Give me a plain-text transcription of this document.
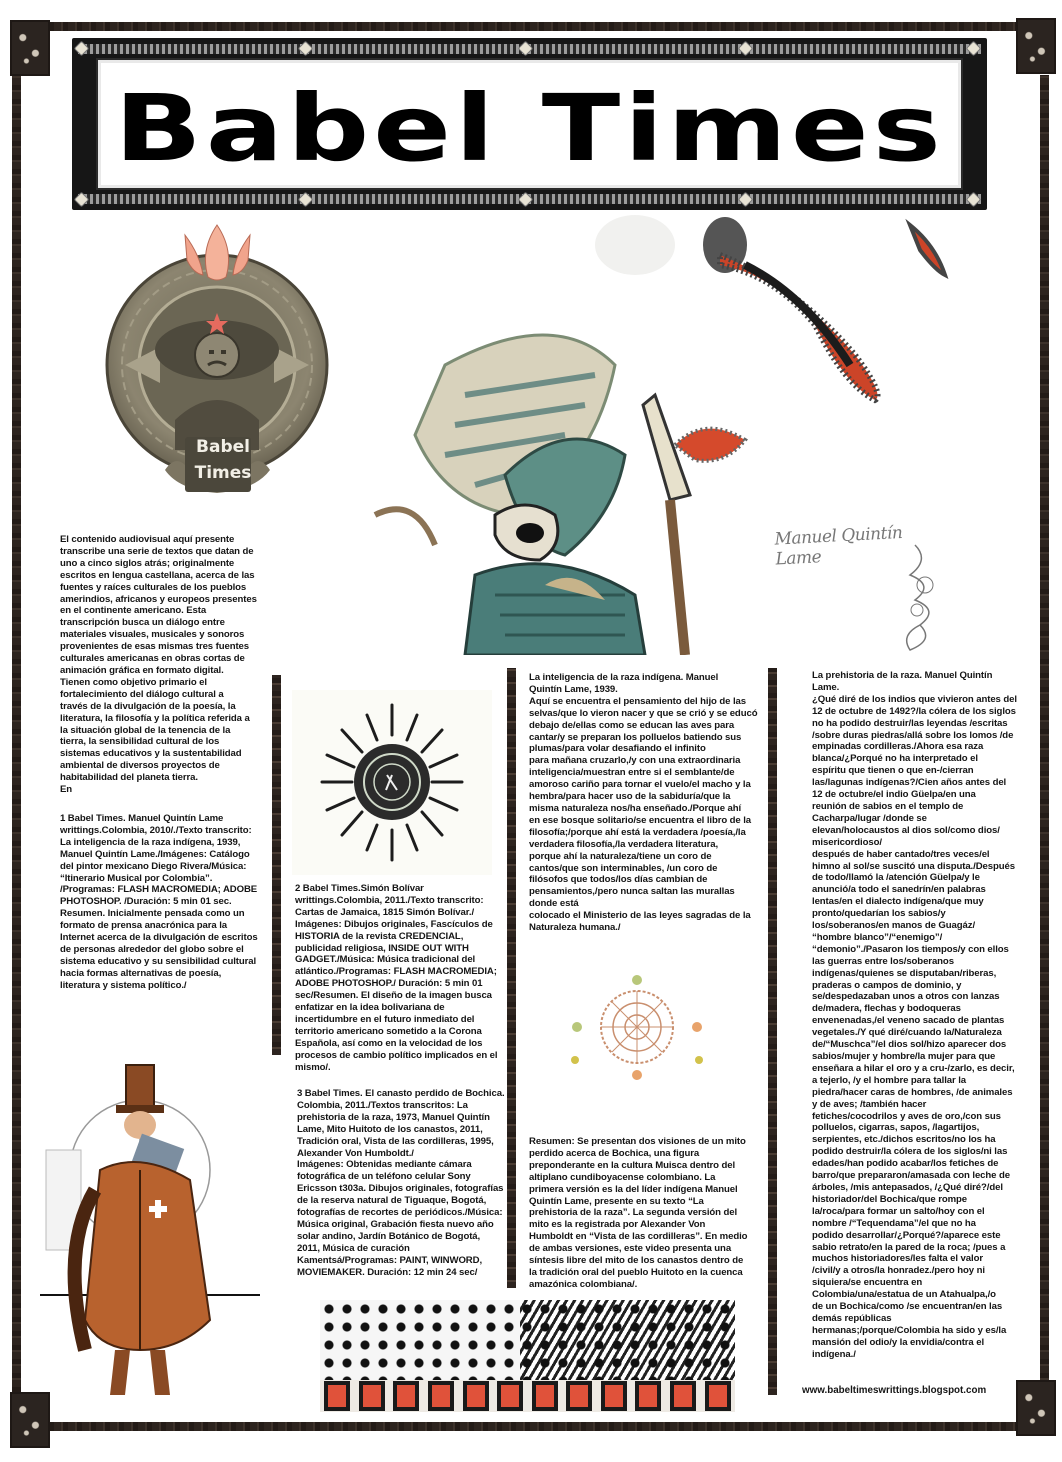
Babel Times
Babel
Times
Manuel Quintín Lame
El contenido audiovisual aquí presente
transcribe una serie de textos que datan de
uno a cinco siglos atrás; originalmente
escritos en lengua castellana, acerca de las
fuentes y raíces culturales de los pueblos
amerindios, africanos y europeos presentes
en el continente americano. Esta
transcripción busca un diálogo entre
materiales visuales, musicales y sonoros
provenientes de esas mismas tres fuentes
culturales americanas en obras cortas de
animación gráfica en formato digital.
Tienen como objetivo primario el
fortalecimiento del diálogo cultural a
través de la divulgación de la poesía, la
literatura, la filosofía y la política referida a
la situación global de la tenencia de la
tierra, la sensibilidad cultural de los
sistemas educativos y la sustentabilidad
ambiental de diversos proyectos de
habitabilidad del planeta tierra.
En
1 Babel Times. Manuel Quintín Lame
writtings.Colombia, 2010/./Texto transcrito:
La inteligencia de la raza indígena, 1939,
Manuel Quintín Lame./Imágenes: Catálogo
del pintor mexicano Diego Rivera/Música:
“Itinerario Musical por Colombia”.
/Programas: FLASH MACROMEDIA; ADOBE
PHOTOSHOP. /Duración: 5 min 01 sec.
Resumen. Inicialmente pensada como un
formato de prensa anacrónica para la
Internet acerca de la divulgación de escritos
de personas alrededor del globo sobre el
sistema educativo y su sensibilidad cultural
hacia formas alternativas de poesía,
literatura y sistema político./
2 Babel Times.Simón Bolívar
writtings.Colombia, 2011./Texto transcrito:
Cartas de Jamaica, 1815 Simón Bolívar./
Imágenes: Dibujos originales, Fascículos de
HISTORIA de la revista CREDENCIAL,
publicidad religiosa, INSIDE OUT WITH
GADGET./Música: Música tradicional del
atlántico./Programas: FLASH MACROMEDIA;
ADOBE PHOTOSHOP./ Duración: 5 min 01
sec/Resumen. El diseño de la imagen busca
enfatizar en la idea bolivariana de
incertidumbre en el futuro inmediato del
territorio americano sometido a la Corona
Española, así como en la velocidad de los
procesos de cambio político implicados en el
mismo/.
3 Babel Times. El canasto perdido de Bochica.
Colombia, 2011./Textos transcritos: La
prehistoria de la raza, 1973, Manuel Quintín
Lame, Mito Huitoto de los canastos, 2011,
Tradición oral, Vista de las cordilleras, 1995,
Alexander Von Humboldt./
Imágenes: Obtenidas mediante cámara
fotográfica de un teléfono celular Sony
Ericsson t303a. Dibujos originales, fotografías
de la reserva natural de Tiguaque, Bogotá,
fotografías de recortes de periódicos./Música:
Música original, Grabación fiesta nuevo año
solar andino, Jardín Botánico de Bogotá,
2011, Música de curación
Kamentsá/Programas: PAINT, WINWORD,
MOVIEMAKER. Duración: 12 min 24 sec/
La inteligencia de la raza indígena. Manuel
Quintín Lame, 1939.
Aquí se encuentra el pensamiento del hijo de las
selvas/que lo vieron nacer y que se crió y se educó
debajo de/ellas como se educan las aves para
cantar/y se preparan los polluelos batiendo sus
plumas/para volar desafiando el infinito
para mañana cruzarlo,/y con una extraordinaria
inteligencia/muestran entre si el semblante/de
amoroso cariño para tornar el vuelo/el macho y la
hembra/para hacer uso de la sabiduría/que la
misma naturaleza nos/ha enseñado./Porque ahí
en ese bosque solitario/se encuentra el libro de la
filosofía;/porque ahí está la verdadera /poesía,/la
verdadera filosofía,/la verdadera literatura,
porque ahí la naturaleza/tiene un coro de
cantos/que son interminables, /un coro de
filósofos que todos/los días cambian de
pensamientos,/pero nunca saltan las murallas
donde está
colocado el Ministerio de las leyes sagradas de la
Naturaleza humana./
Resumen: Se presentan dos visiones de un mito
perdido acerca de Bochica, una figura
preponderante en la cultura Muisca dentro del
altiplano cundiboyacense colombiano. La
primera versión es la del líder indígena Manuel
Quintín Lame, presente en su texto “La
prehistoria de la raza”. La segunda versión del
mito es la registrada por Alexander Von
Humboldt en “Vista de las cordilleras”. En medio
de ambas versiones, este video presenta una
síntesis libre del mito de los canastos dentro de
la tradición oral del pueblo Huitoto en la cuenca
amazónica colombiana/.
La prehistoria de la raza. Manuel Quintín
Lame.
¿Qué diré de los indios que vivieron antes del
12 de octubre de 1492?/la cólera de los siglos
no ha podido destruir/las leyendas /escritas
/sobre duras piedras/allá sobre los lomos /de
empinadas cordilleras./Ahora esa raza
blanca/¿Porqué no ha interpretado el
espíritu que tienen o que en-/cierran
las/lagunas indígenas?/Cien años antes del
12 de octubre/el indio Güelpa/en una
reunión de sabios en el templo de
Cacharpa/lugar /donde se
elevan/holocaustos al dios sol/como dios/
misericordioso/
después de haber cantado/tres veces/el
himno al sol/se suscitó una disputa./Después
de todo/llamó la /atención Güelpa/y le
anunció/a todo el sanedrín/en palabras
lentas/en el dialecto indígena/que muy
pronto/quedarían los sabios/y
los/soberanos/en manos de Guagáz/
“hombre blanco”/“enemigo”/
“demonio”./Pasaron los tiempos/y con ellos
las guerras entre los/soberanos
indígenas/quienes se disputaban/riberas,
praderas o campos de dominio, y
se/despedazaban unos a otros con lanzas
de/madera, flechas y bodoqueras
envenenadas,/el veneno sacado de plantas
vegetales./Y qué diré/cuando la/Naturaleza
de/“Muschca”/el dios sol/hizo aparecer dos
sabios/mujer y hombre/la mujer para que
enseñara a hilar el oro y a cru-/zarlo, es decir,
a tejerlo, /y el hombre para tallar la
piedra/hacer caras de hombres, /de animales
y de aves; /también hacer
fetiches/cocodrilos y aves de oro,/con sus
polluelos, cigarras, sapos, /lagartijos,
serpientes, etc./dichos escritos/no los ha
podido destruir/la cólera de los siglos/ni las
edades/han podido acabar/los fetiches de
barro/que prepararon/amasada con leche de
árboles, /mis antepasados, /¿Qué diré?/del
historiador/del Bochica/que rompe
la/roca/para formar un salto/hoy con el
nombre /“Tequendama”/el que no ha
podido desarrollar/¿Porqué?/aparece este
sabio retrato/en la pared de la roca; /pues a
muchos historiadores/les falta el valor
/civil/y a otros/la honradez./pero hoy ni
siquiera/se encuentra en
Colombia/una/estatua de un Atahualpa,/o
de un Bochica/como /se encuentran/en las
demás repúblicas
hermanas;/porque/Colombia ha sido y es/la
mansión del odio/y la envidia/contra el
indígena./
www.babeltimeswrittings.blogspot.com
